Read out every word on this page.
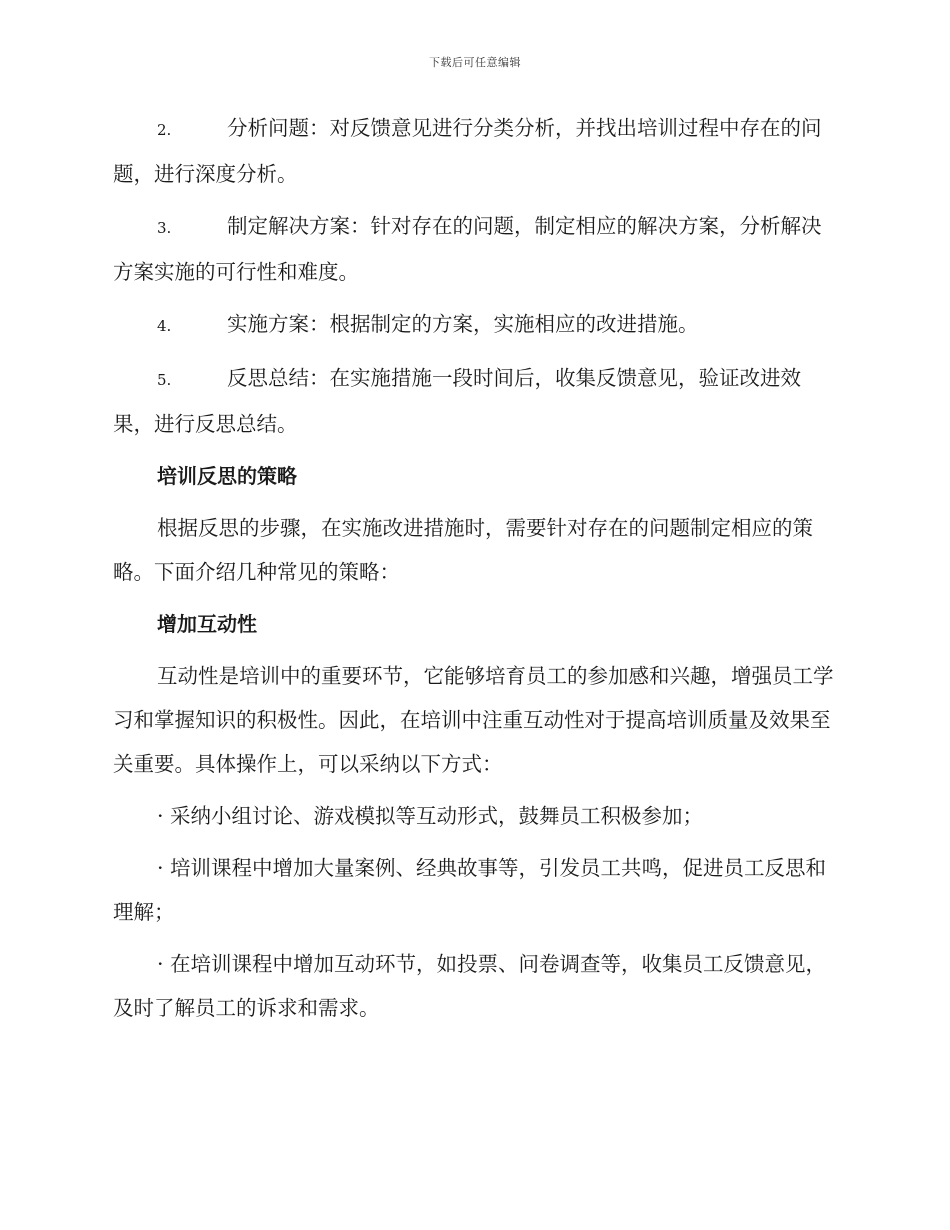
下载后可任意编辑

2.	分析问题：对反馈意见进行分类分析，并找出培训过程中存在的问题，进行深度分析。

3.	制定解决方案：针对存在的问题，制定相应的解决方案，分析解决方案实施的可行性和难度。

4.	实施方案：根据制定的方案，实施相应的改进措施。

5.	反思总结：在实施措施一段时间后，收集反馈意见，验证改进效果，进行反思总结。

培训反思的策略

根据反思的步骤，在实施改进措施时，需要针对存在的问题制定相应的策略。下面介绍几种常见的策略：

增加互动性

互动性是培训中的重要环节，它能够培育员工的参加感和兴趣，增强员工学习和掌握知识的积极性。因此，在培训中注重互动性对于提高培训质量及效果至关重要。具体操作上，可以采纳以下方式：

· 采纳小组讨论、游戏模拟等互动形式，鼓舞员工积极参加；

· 培训课程中增加大量案例、经典故事等，引发员工共鸣，促进员工反思和理解；

· 在培训课程中增加互动环节，如投票、问卷调查等，收集员工反馈意见，及时了解员工的诉求和需求。
